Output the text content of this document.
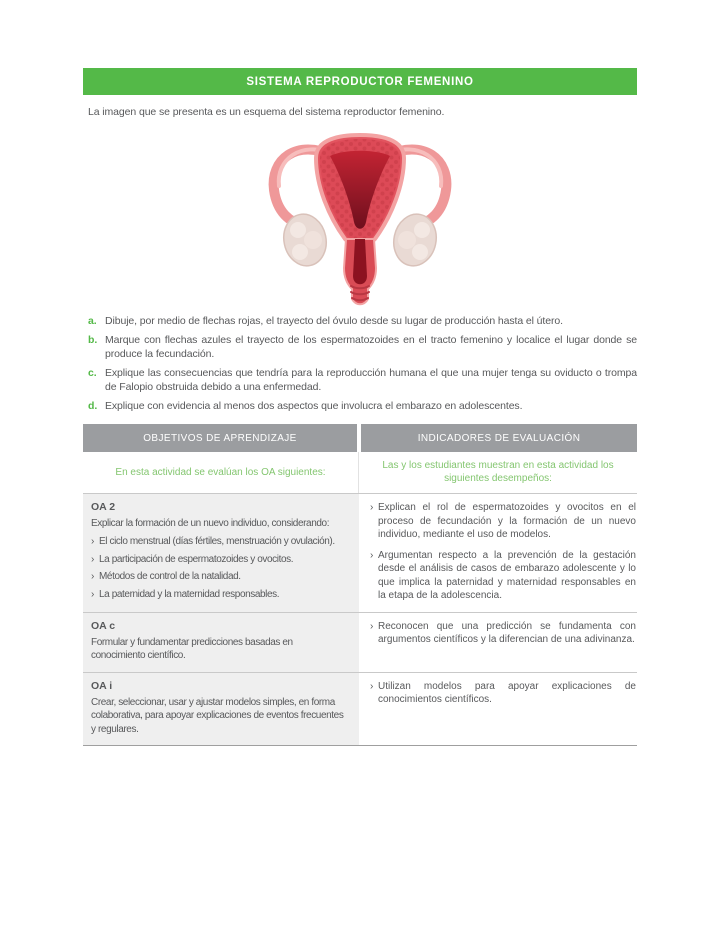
SISTEMA REPRODUCTOR FEMENINO

La imagen que se presenta es un esquema del sistema reproductor femenino.

a. Dibuje, por medio de flechas rojas, el trayecto del óvulo desde su lugar de producción hasta el útero.
b. Marque con flechas azules el trayecto de los espermatozoides en el tracto femenino y localice el lugar donde se produce la fecundación.
c. Explique las consecuencias que tendría para la reproducción humana el que una mujer tenga su oviducto o trompa de Falopio obstruida debido a una enfermedad.
d. Explique con evidencia al menos dos aspectos que involucra el embarazo en adolescentes.
OBJETIVOS DE APRENDIZAJE	INDICADORES DE EVALUACIÓN
En esta actividad se evalúan los OA siguientes:
Las y los estudiantes muestran en esta actividad los siguientes desempeños:
OA 2
Explicar la formación de un nuevo individuo, considerando:
› El ciclo menstrual (días fértiles, menstruación y ovulación).
› La participación de espermatozoides y ovocitos.
› Métodos de control de la natalidad.
› La paternidad y la maternidad responsables.
› Explican el rol de espermatozoides y ovocitos en el proceso de fecundación y la formación de un nuevo individuo, mediante el uso de modelos.
› Argumentan respecto a la prevención de la gestación desde el análisis de casos de embarazo adolescente y lo que implica la paternidad y maternidad responsables en la etapa de la adolescencia.
OA c
Formular y fundamentar predicciones basadas en conocimiento científico.
› Reconocen que una predicción se fundamenta con argumentos científicos y la diferencian de una adivinanza.
OA i
Crear, seleccionar, usar y ajustar modelos simples, en forma colaborativa, para apoyar explicaciones de eventos frecuentes y regulares.
› Utilizan modelos para apoyar explicaciones de conocimientos científicos.
